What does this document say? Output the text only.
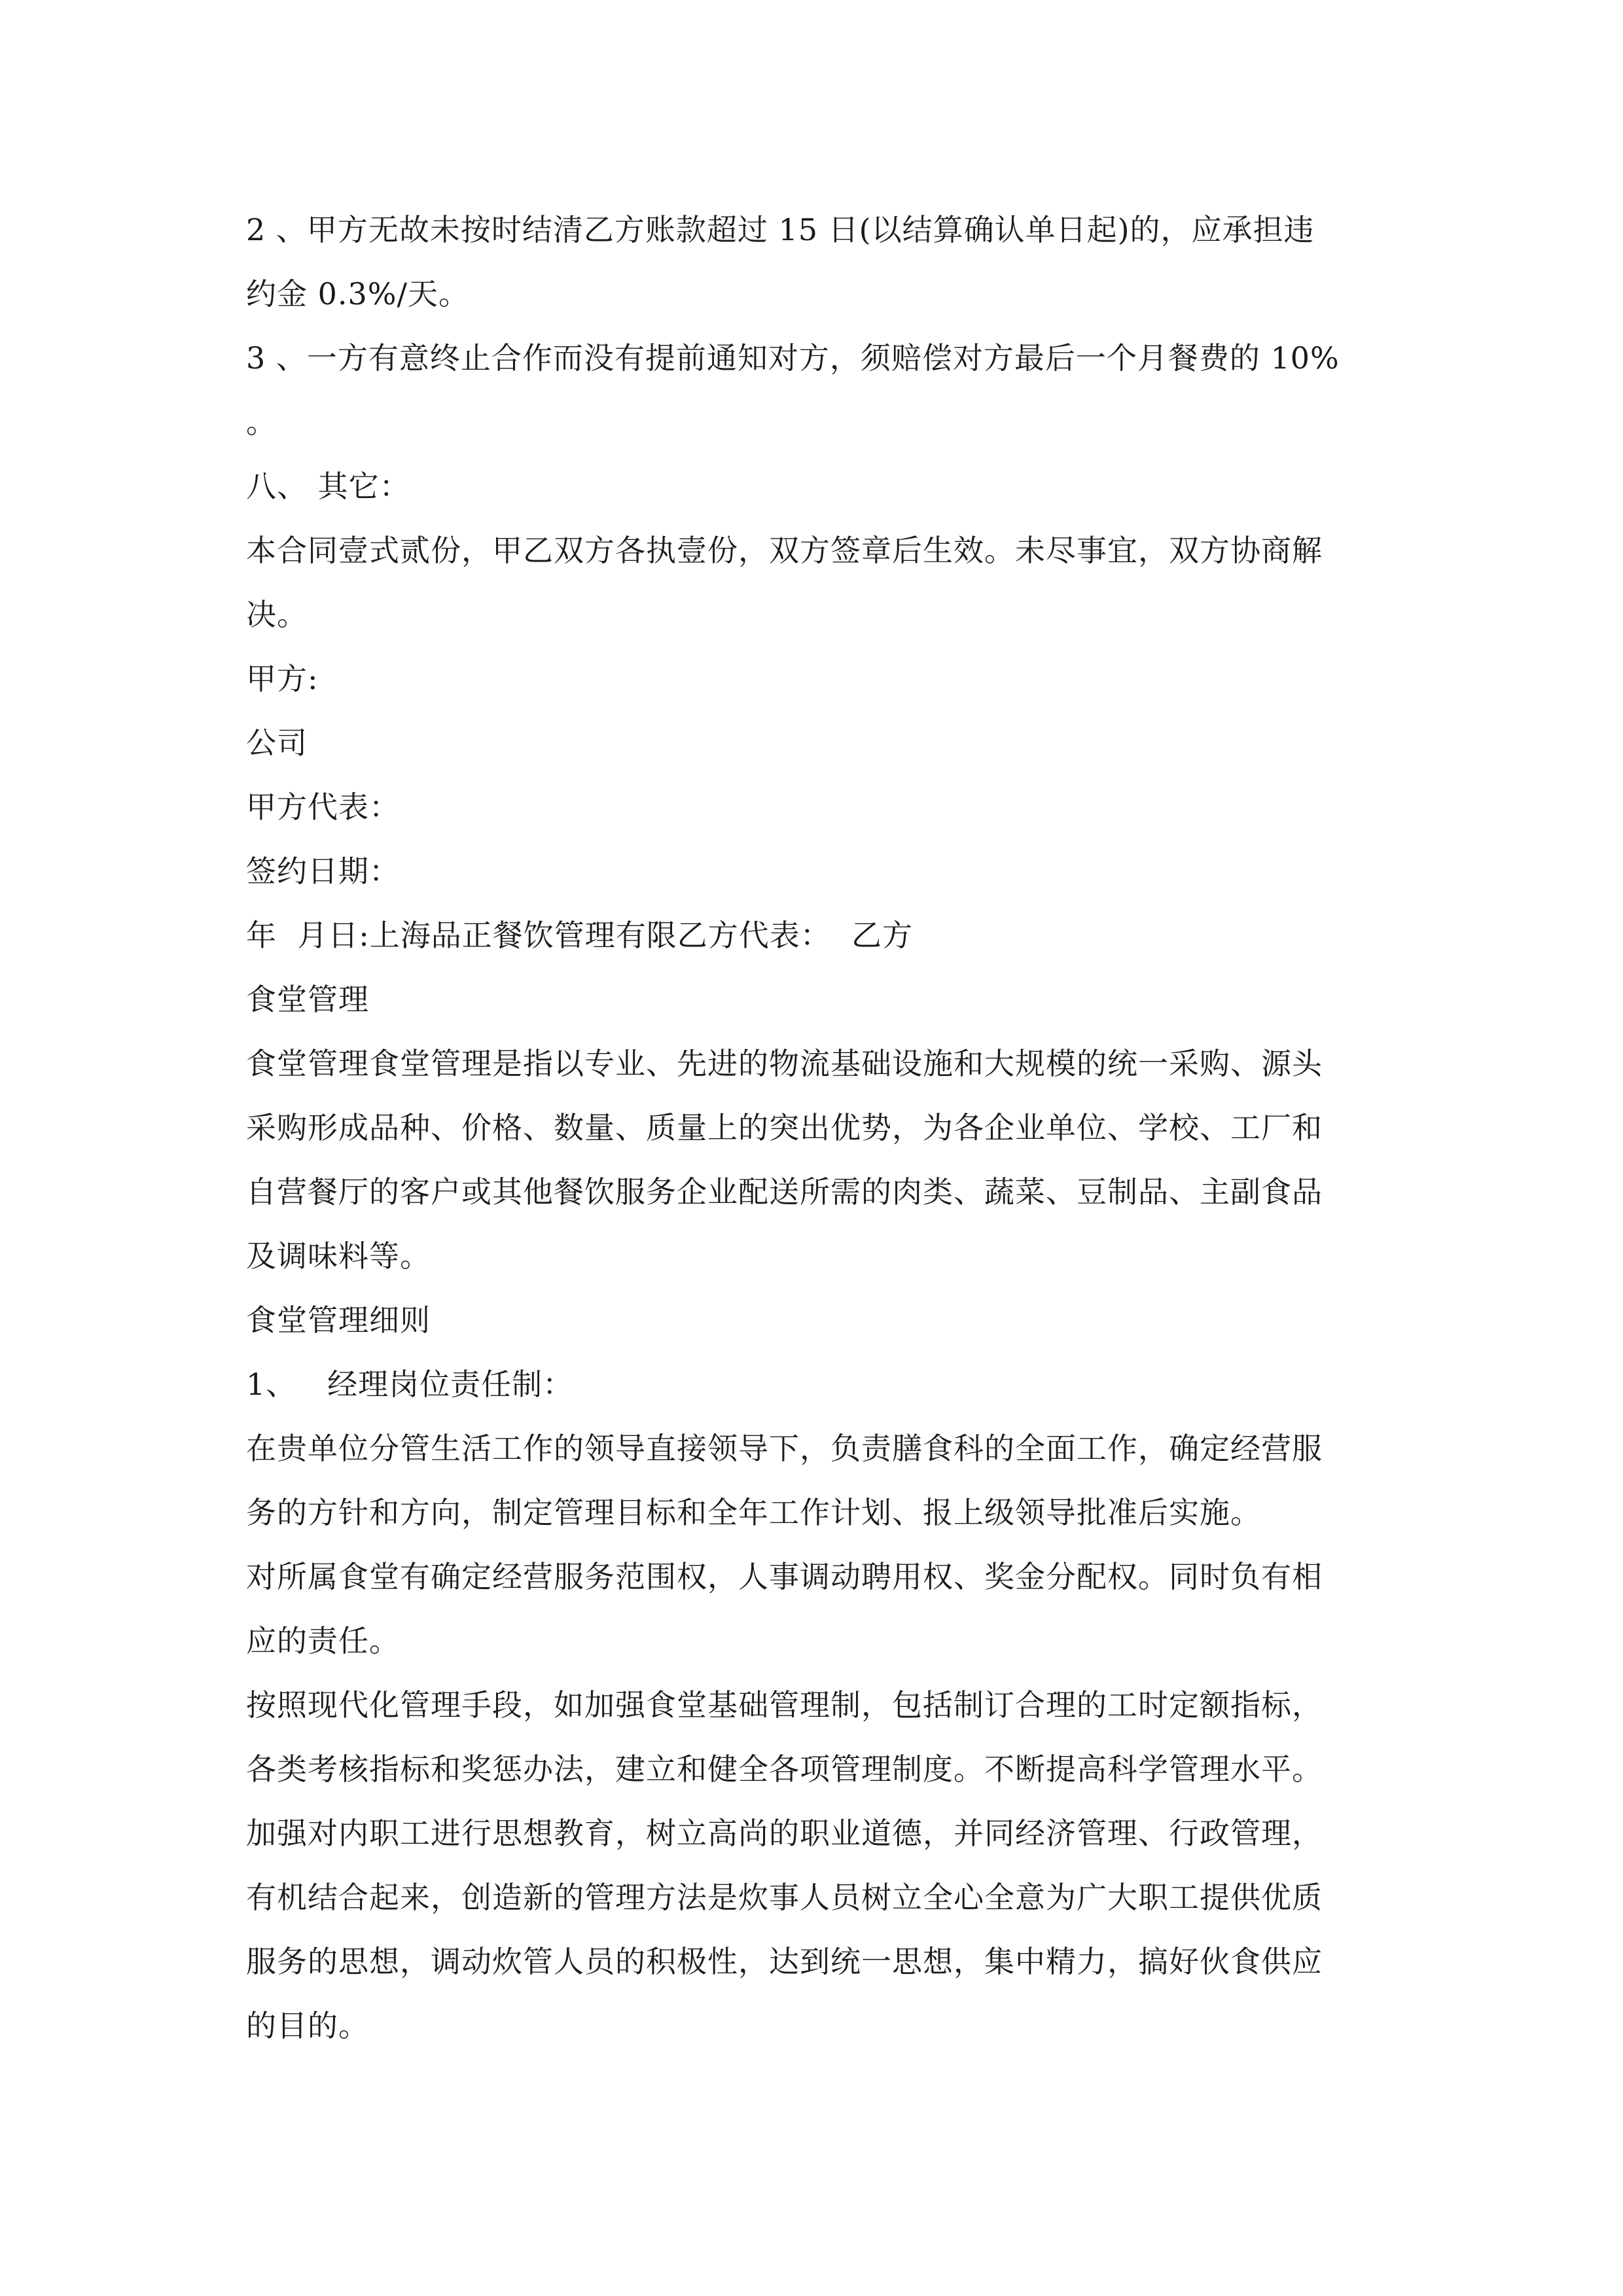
2 、甲方无故未按时结清乙方账款超过 15 日(以结算确认单日起)的，应承担违
约金 0.3%/天。
3 、一方有意终止合作而没有提前通知对方，须赔偿对方最后一个月餐费的 10%
。
八、 其它：
本合同壹式贰份，甲乙双方各执壹份，双方签章后生效。未尽事宜，双方协商解
决。
甲方:
公司
甲方代表：
签约日期：
年  月日:上海品正餐饮管理有限乙方代表：  乙方
食堂管理
食堂管理食堂管理是指以专业、先进的物流基础设施和大规模的统一采购、源头
采购形成品种、价格、数量、质量上的突出优势，为各企业单位、学校、工厂和
自营餐厅的客户或其他餐饮服务企业配送所需的肉类、蔬菜、豆制品、主副食品
及调味料等。
食堂管理细则
1、   经理岗位责任制：
在贵单位分管生活工作的领导直接领导下，负责膳食科的全面工作，确定经营服
务的方针和方向，制定管理目标和全年工作计划、报上级领导批准后实施。
对所属食堂有确定经营服务范围权，人事调动聘用权、奖金分配权。同时负有相
应的责任。
按照现代化管理手段，如加强食堂基础管理制，包括制订合理的工时定额指标，
各类考核指标和奖惩办法，建立和健全各项管理制度。不断提高科学管理水平。
加强对内职工进行思想教育，树立高尚的职业道德，并同经济管理、行政管理，
有机结合起来，创造新的管理方法是炊事人员树立全心全意为广大职工提供优质
服务的思想，调动炊管人员的积极性，达到统一思想，集中精力，搞好伙食供应
的目的。
